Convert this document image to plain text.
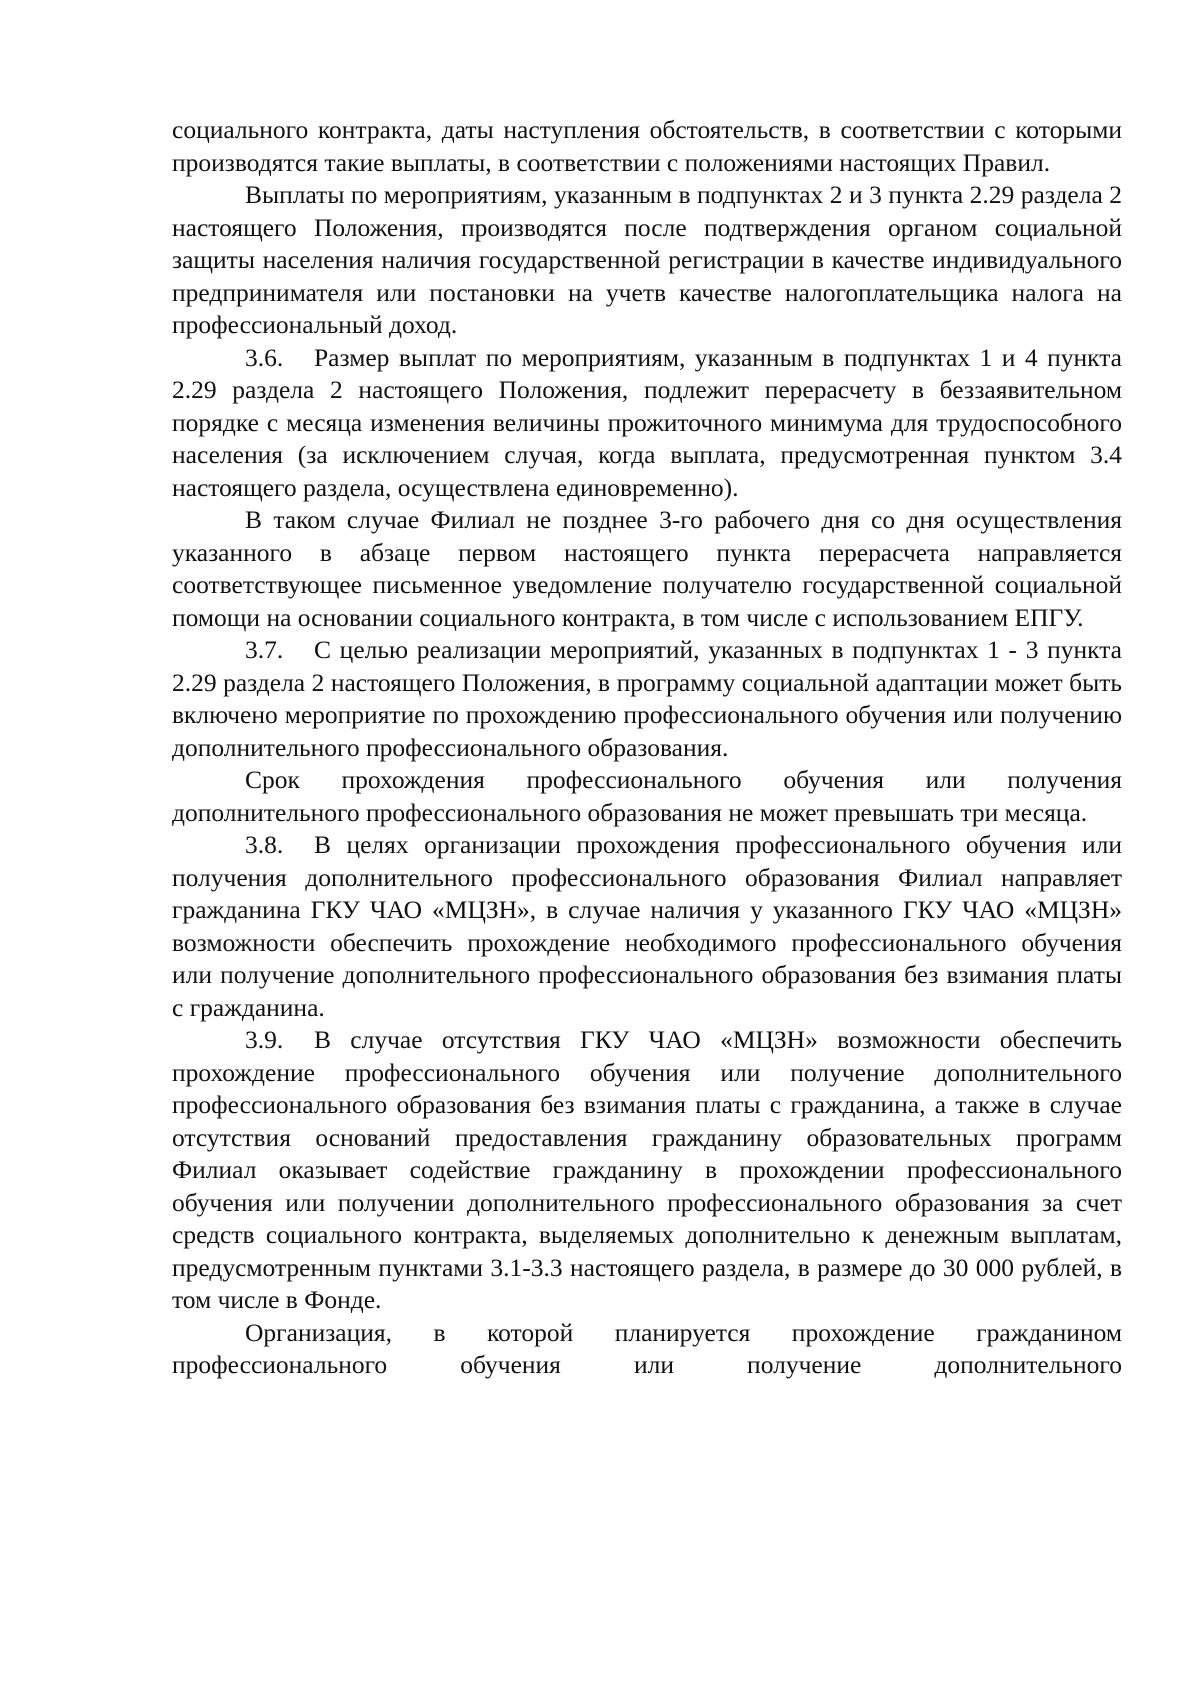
социального контракта, даты наступления обстоятельств, в соответствии с которыми производятся такие выплаты, в соответствии с положениями настоящих Правил.

Выплаты по мероприятиям, указанным в подпунктах 2 и 3 пункта 2.29 раздела 2 настоящего Положения, производятся после подтверждения органом социальной защиты населения наличия государственной регистрации в качестве индивидуального предпринимателя или постановки на учетв качестве налогоплательщика налога на профессиональный доход.

3.6. Размер выплат по мероприятиям, указанным в подпунктах 1 и 4 пункта 2.29 раздела 2 настоящего Положения, подлежит перерасчету в беззаявительном порядке с месяца изменения величины прожиточного минимума для трудоспособного населения (за исключением случая, когда выплата, предусмотренная пунктом 3.4 настоящего раздела, осуществлена единовременно).

В таком случае Филиал не позднее 3-го рабочего дня со дня осуществления указанного в абзаце первом настоящего пункта перерасчета направляется соответствующее письменное уведомление получателю государственной социальной помощи на основании социального контракта, в том числе с использованием ЕПГУ.

3.7. С целью реализации мероприятий, указанных в подпунктах 1 - 3 пункта 2.29 раздела 2 настоящего Положения, в программу социальной адаптации может быть включено мероприятие по прохождению профессионального обучения или получению дополнительного профессионального образования.

Срок прохождения профессионального обучения или получения дополнительного профессионального образования не может превышать три месяца.

3.8. В целях организации прохождения профессионального обучения или получения дополнительного профессионального образования Филиал направляет гражданина ГКУ ЧАО «МЦЗН», в случае наличия у указанного ГКУ ЧАО «МЦЗН» возможности обеспечить прохождение необходимого профессионального обучения или получение дополнительного профессионального образования без взимания платы с гражданина.

3.9. В случае отсутствия ГКУ ЧАО «МЦЗН» возможности обеспечить прохождение профессионального обучения или получение дополнительного профессионального образования без взимания платы с гражданина, а также в случае отсутствия оснований предоставления гражданину образовательных программ Филиал оказывает содействие гражданину в прохождении профессионального обучения или получении дополнительного профессионального образования за счет средств социального контракта, выделяемых дополнительно к денежным выплатам, предусмотренным пунктами 3.1-3.3 настоящего раздела, в размере до 30 000 рублей, в том числе в Фонде.

Организация, в которой планируется прохождение гражданином профессионального обучения или получение дополнительного
